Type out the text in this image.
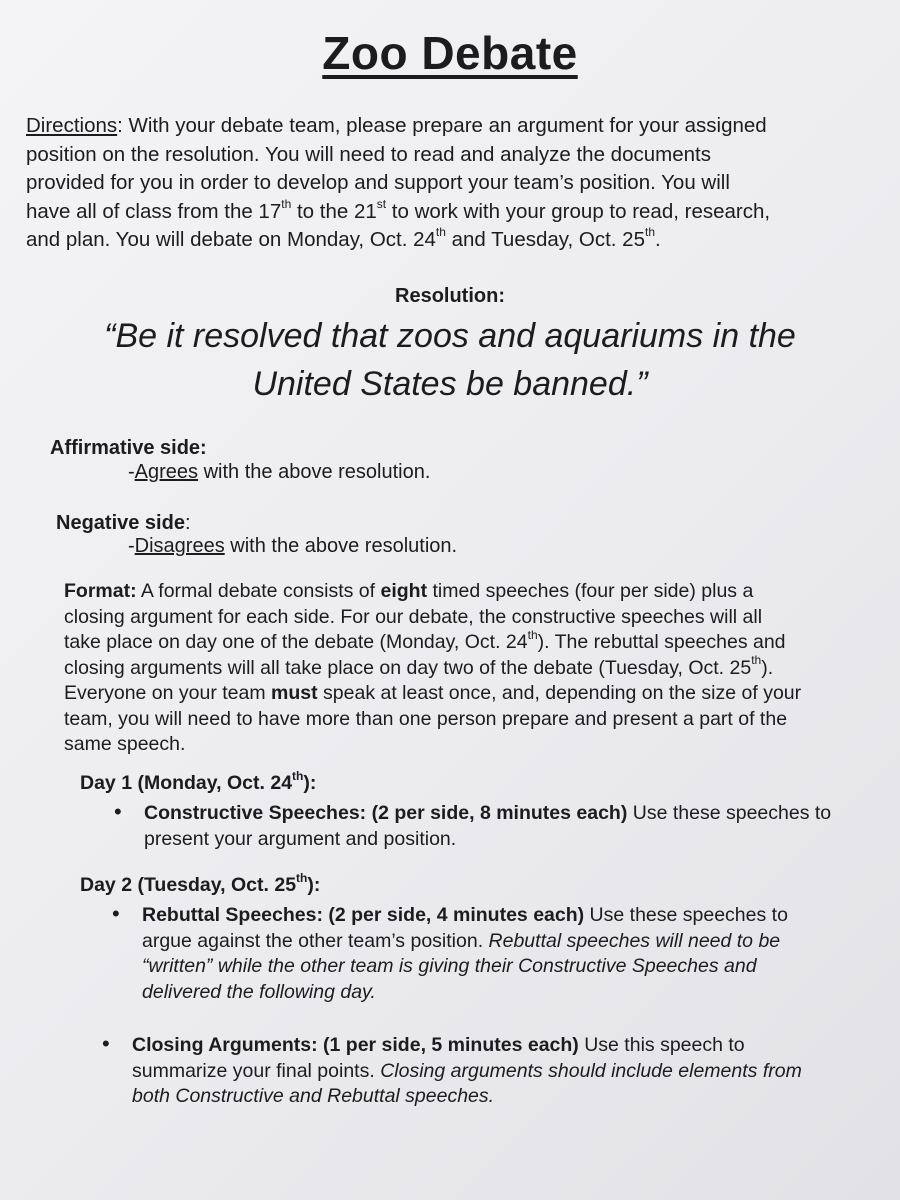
Zoo Debate
Directions: With your debate team, please prepare an argument for your assigned
position on the resolution. You will need to read and analyze the documents
provided for you in order to develop and support your team’s position. You will
have all of class from the 17th to the 21st to work with your group to read, research,
and plan. You will debate on Monday, Oct. 24th and Tuesday, Oct. 25th.
Resolution:
“Be it resolved that zoos and aquariums in the
United States be banned.”
Affirmative side:
-Agrees with the above resolution.
Negative side:
-Disagrees with the above resolution.
Format: A formal debate consists of eight timed speeches (four per side) plus a
closing argument for each side. For our debate, the constructive speeches will all
take place on day one of the debate (Monday, Oct. 24th). The rebuttal speeches and
closing arguments will all take place on day two of the debate (Tuesday, Oct. 25th).
Everyone on your team must speak at least once, and, depending on the size of your
team, you will need to have more than one person prepare and present a part of the
same speech.
Day 1 (Monday, Oct. 24th):
• Constructive Speeches: (2 per side, 8 minutes each) Use these speeches to
present your argument and position.
Day 2 (Tuesday, Oct. 25th):
• Rebuttal Speeches: (2 per side, 4 minutes each) Use these speeches to
argue against the other team’s position. Rebuttal speeches will need to be
“written” while the other team is giving their Constructive Speeches and
delivered the following day.
• Closing Arguments: (1 per side, 5 minutes each) Use this speech to
summarize your final points. Closing arguments should include elements from
both Constructive and Rebuttal speeches.
